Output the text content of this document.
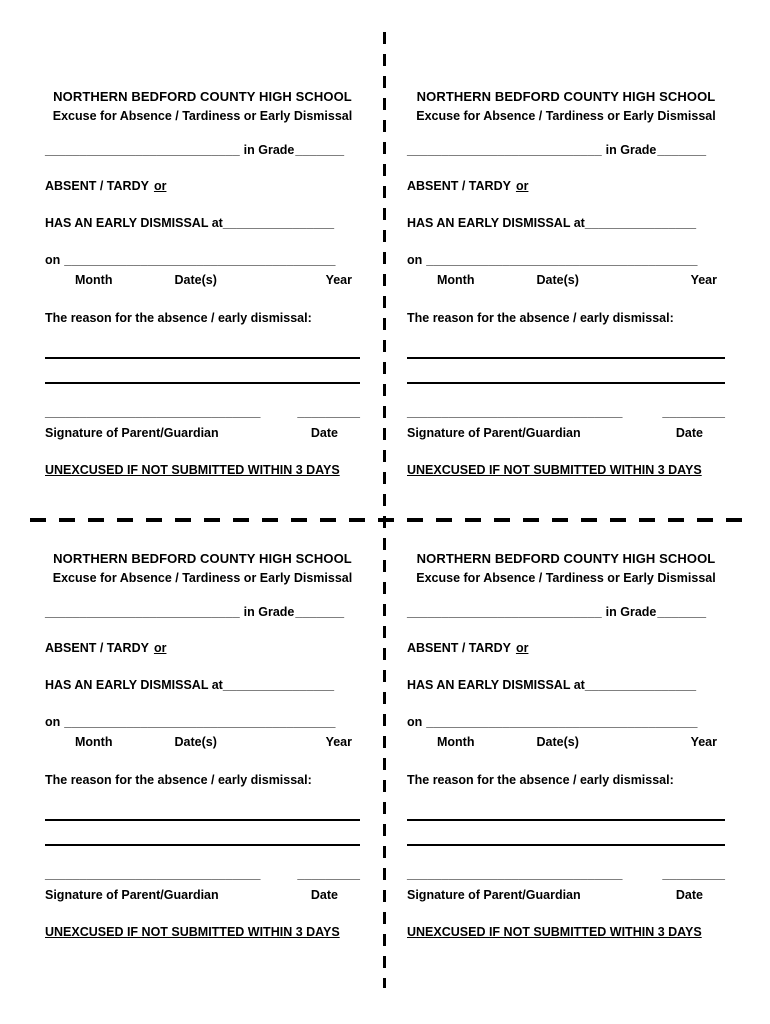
NORTHERN BEDFORD COUNTY HIGH SCHOOL
Excuse for Absence / Tardiness or Early Dismissal
____________________________ in Grade_______
ABSENT / TARDY or
HAS AN EARLY DISMISSAL at________________
on _______________________________________
Month	Date(s)	Year
The reason for the absence / early dismissal:
_______________________________	_________
Signature of Parent/Guardian	Date
UNEXCUSED IF NOT SUBMITTED WITHIN 3 DAYS
NORTHERN BEDFORD COUNTY HIGH SCHOOL
Excuse for Absence / Tardiness or Early Dismissal
____________________________ in Grade_______
ABSENT / TARDY or
HAS AN EARLY DISMISSAL at________________
on _______________________________________
Month	Date(s)	Year
The reason for the absence / early dismissal:
_______________________________	_________
Signature of Parent/Guardian	Date
UNEXCUSED IF NOT SUBMITTED WITHIN 3 DAYS
NORTHERN BEDFORD COUNTY HIGH SCHOOL
Excuse for Absence / Tardiness or Early Dismissal
____________________________ in Grade_______
ABSENT / TARDY or
HAS AN EARLY DISMISSAL at________________
on _______________________________________
Month	Date(s)	Year
The reason for the absence / early dismissal:
_______________________________	_________
Signature of Parent/Guardian	Date
UNEXCUSED IF NOT SUBMITTED WITHIN 3 DAYS
NORTHERN BEDFORD COUNTY HIGH SCHOOL
Excuse for Absence / Tardiness or Early Dismissal
____________________________ in Grade_______
ABSENT / TARDY or
HAS AN EARLY DISMISSAL at________________
on _______________________________________
Month	Date(s)	Year
The reason for the absence / early dismissal:
_______________________________	_________
Signature of Parent/Guardian	Date
UNEXCUSED IF NOT SUBMITTED WITHIN 3 DAYS
